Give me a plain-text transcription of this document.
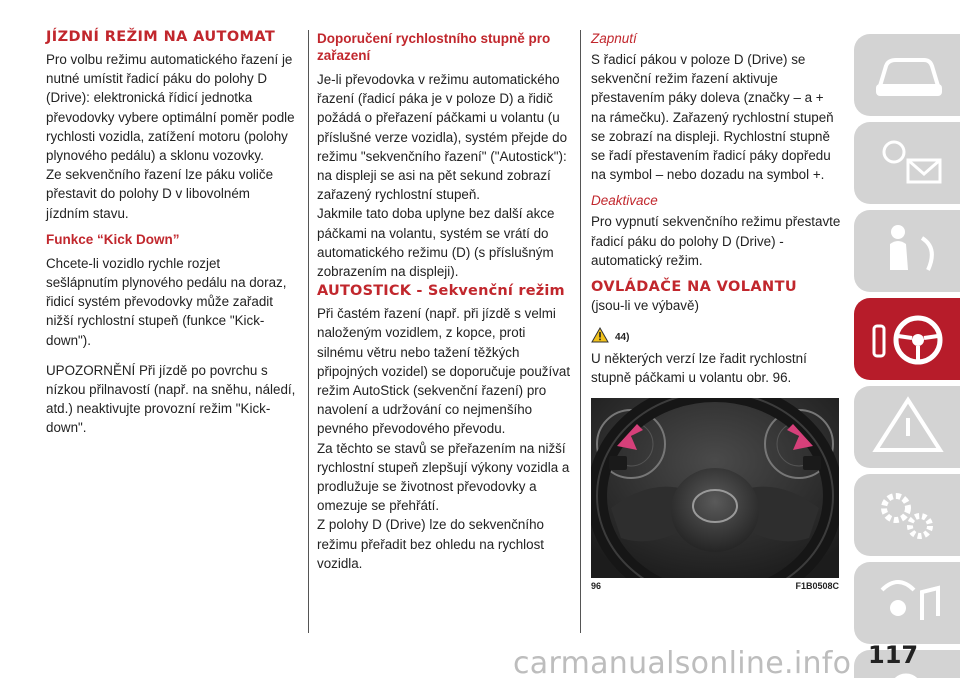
JÍZDNÍ REŽIM NA AUTOMAT

Pro volbu režimu automatického řazení je nutné umístit řadicí páku do polohy D (Drive): elektronická řídicí jednotka převodovky vybere optimální poměr podle rychlosti vozidla, zatížení motoru (polohy plynového pedálu) a sklonu vozovky.

Ze sekvenčního řazení lze páku voliče přestavit do polohy D v libovolném jízdním stavu.

Funkce “Kick Down”

Chcete-li vozidlo rychle rozjet sešlápnutím plynového pedálu na doraz, řidicí systém převodovky může zařadit nižší rychlostní stupeň (funkce "Kick-down").

UPOZORNĚNÍ Při jízdě po povrchu s nízkou přilnavostí (např. na sněhu, náledí, atd.) neaktivujte provozní režim "Kick-down".

Doporučení rychlostního stupně pro zařazení

Je-li převodovka v režimu automatického řazení (řadicí páka je v poloze D) a řidič požádá o přeřazení páčkami u volantu (u příslušné verze vozidla), systém přejde do režimu "sekvenčního řazení" ("Autostick"): na displeji se asi na pět sekund zobrazí zařazený rychlostní stupeň.

Jakmile tato doba uplyne bez další akce páčkami na volantu, systém se vrátí do automatického režimu (D) (s příslušným zobrazením na displeji).

AUTOSTICK - Sekvenční režim

Při častém řazení (např. při jízdě s velmi naloženým vozidlem, z kopce, proti silnému větru nebo tažení těžkých připojných vozidel) se doporučuje používat režim AutoStick (sekvenční řazení) pro navolení a udržování co nejmenšího pevného převodového převodu.

Za těchto se stavů se přeřazením na nižší rychlostní stupeň zlepšují výkony vozidla a prodlužuje se životnost převodovky a omezuje se přehřátí.

Z polohy D (Drive) lze do sekvenčního režimu přeřadit bez ohledu na rychlost vozidla.

Zapnutí

S řadicí pákou v poloze D (Drive) se sekvenční režim řazení aktivuje přestavením páky doleva (značky – a + na rámečku). Zařazený rychlostní stupeň se zobrazí na displeji. Rychlostní stupně se řadí přestavením řadicí páky dopředu na symbol – nebo dozadu na symbol +.

Deaktivace

Pro vypnutí sekvenčního režimu přestavte řadicí páku do polohy D (Drive) - automatický režim.

OVLÁDAČE NA VOLANTU
(jsou-li ve výbavě)
44)

U některých verzí lze řadit rychlostní stupně páčkami u volantu obr. 96.

96	F1B0508C
carmanualsonline.info 117
